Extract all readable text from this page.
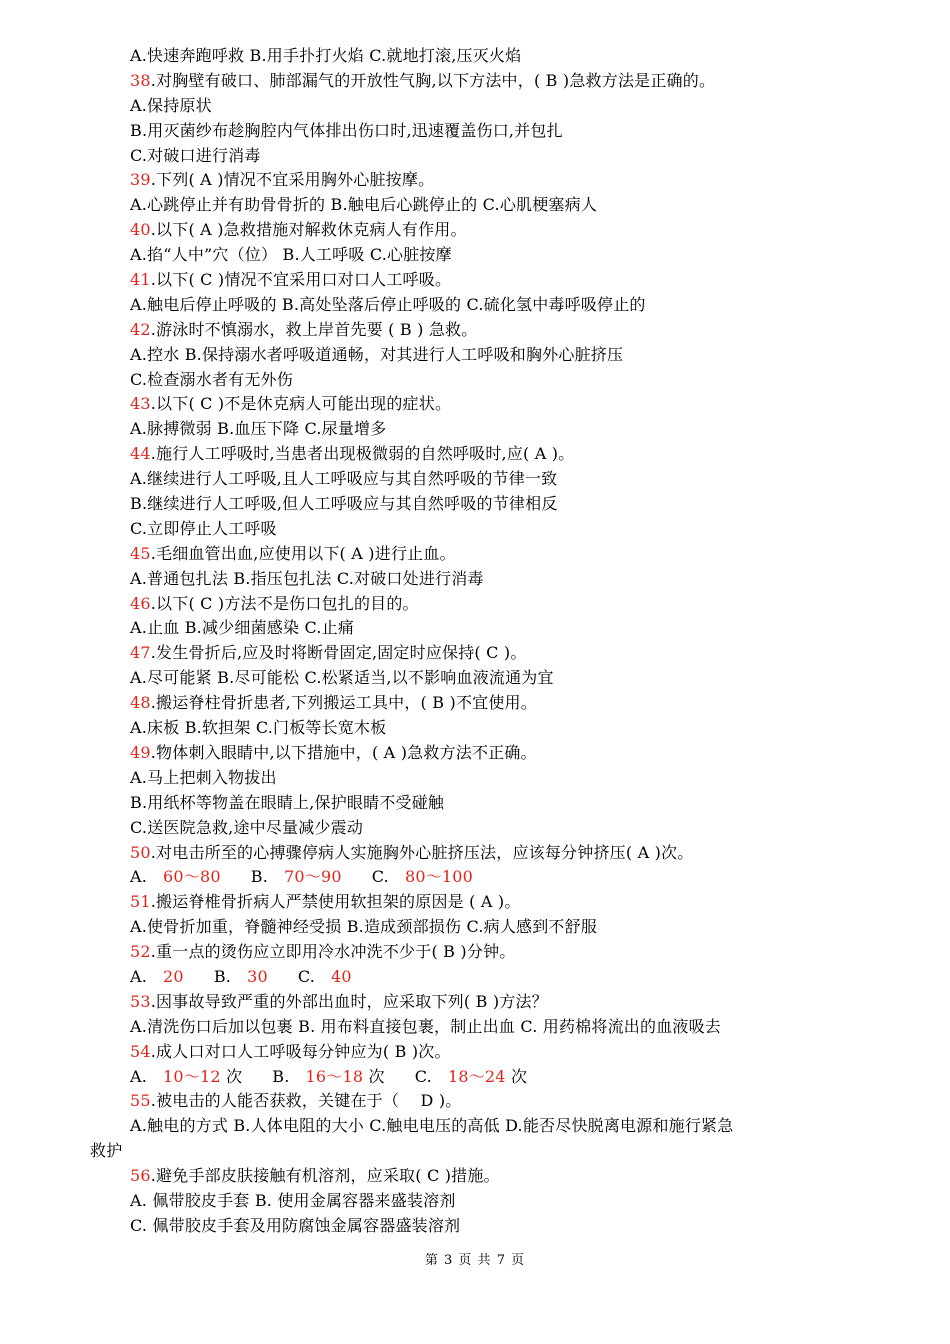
A.快速奔跑呼救 B.用手扑打火焰 C.就地打滚,压灭火焰
38.对胸壁有破口、肺部漏气的开放性气胸,以下方法中，( B )急救方法是正确的。
A.保持原状
B.用灭菌纱布趁胸腔内气体排出伤口时,迅速覆盖伤口,并包扎
C.对破口进行消毒
39.下列( A )情况不宜采用胸外心脏按摩。
A.心跳停止并有助骨骨折的 B.触电后心跳停止的 C.心肌梗塞病人
40.以下( A )急救措施对解救休克病人有作用。
A.掐“人中”穴（位） B.人工呼吸 C.心脏按摩
41.以下( C )情况不宜采用口对口人工呼吸。
A.触电后停止呼吸的 B.高处坠落后停止呼吸的 C.硫化氢中毒呼吸停止的
42.游泳时不慎溺水，救上岸首先要 ( B ) 急救。
A.控水 B.保持溺水者呼吸道通畅，对其进行人工呼吸和胸外心脏挤压
C.检查溺水者有无外伤
43.以下( C )不是休克病人可能出现的症状。
A.脉搏微弱 B.血压下降 C.尿量增多
44.施行人工呼吸时,当患者出现极微弱的自然呼吸时,应( A )。
A.继续进行人工呼吸,且人工呼吸应与其自然呼吸的节律一致
B.继续进行人工呼吸,但人工呼吸应与其自然呼吸的节律相反
C.立即停止人工呼吸
45.毛细血管出血,应使用以下( A )进行止血。
A.普通包扎法 B.指压包扎法 C.对破口处进行消毒
46.以下( C )方法不是伤口包扎的目的。
A.止血 B.减少细菌感染 C.止痛
47.发生骨折后,应及时将断骨固定,固定时应保持( C )。
A.尽可能紧 B.尽可能松 C.松紧适当,以不影响血液流通为宜
48.搬运脊柱骨折患者,下列搬运工具中，( B )不宜使用。
A.床板 B.软担架 C.门板等长宽木板
49.物体刺入眼睛中,以下措施中，( A )急救方法不正确。
A.马上把刺入物拔出
B.用纸杯等物盖在眼睛上,保护眼睛不受碰触
C.送医院急救,途中尽量减少震动
50.对电击所至的心搏骤停病人实施胸外心脏挤压法，应该每分钟挤压( A )次。
A. 60～80 B. 70～90 C. 80～100
51.搬运脊椎骨折病人严禁使用软担架的原因是 ( A )。
A.使骨折加重，脊髓神经受损 B.造成颈部损伤 C.病人感到不舒服
52.重一点的烫伤应立即用冷水冲洗不少于( B )分钟。
A. 20 B. 30 C. 40
53.因事故导致严重的外部出血时，应采取下列( B )方法？
A.清洗伤口后加以包裹 B. 用布料直接包裹，制止出血 C. 用药棉将流出的血液吸去
54.成人口对口人工呼吸每分钟应为( B )次。
A. 10～12 次 B. 16～18 次 C. 18～24 次
55.被电击的人能否获救，关键在于（　 D )。
A.触电的方式 B.人体电阻的大小 C.触电电压的高低 D.能否尽快脱离电源和施行紧急
救护
56.避免手部皮肤接触有机溶剂，应采取( C )措施。
A. 佩带胶皮手套 B. 使用金属容器来盛装溶剂
C. 佩带胶皮手套及用防腐蚀金属容器盛装溶剂
第 3 页 共 7 页
